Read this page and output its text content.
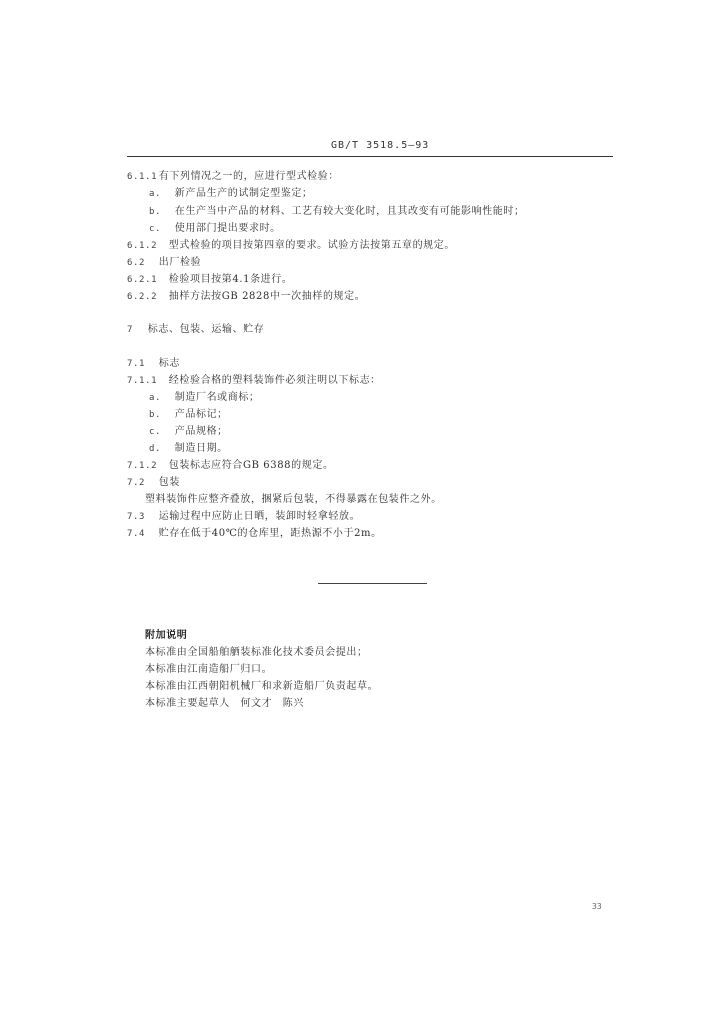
GB/T 3518.5—93
6.1.1 有下列情况之一的，应进行型式检验：
a. 新产品生产的试制定型鉴定；
b. 在生产当中产品的材料、工艺有较大变化时，且其改变有可能影响性能时；
c. 使用部门提出要求时。
6.1.2 型式检验的项目按第四章的要求。试验方法按第五章的规定。
6.2 出厂检验
6.2.1 检验项目按第4.1条进行。
6.2.2 抽样方法按GB 2828中一次抽样的规定。
7 标志、包装、运输、贮存
7.1 标志
7.1.1 经检验合格的塑料装饰件必须注明以下标志：
a. 制造厂名或商标；
b. 产品标记；
c. 产品规格；
d. 制造日期。
7.1.2 包装标志应符合GB 6388的规定。
7.2 包装
塑料装饰件应整齐叠放，捆紧后包装，不得暴露在包装件之外。
7.3 运输过程中应防止日晒，装卸时轻拿轻放。
7.4 贮存在低于40℃的仓库里，距热源不小于2m。
附加说明
本标准由全国船舶舾装标准化技术委员会提出；
本标准由江南造船厂归口。
本标准由江西朝阳机械厂和求新造船厂负责起草。
本标准主要起草人　何文才　陈兴
33
